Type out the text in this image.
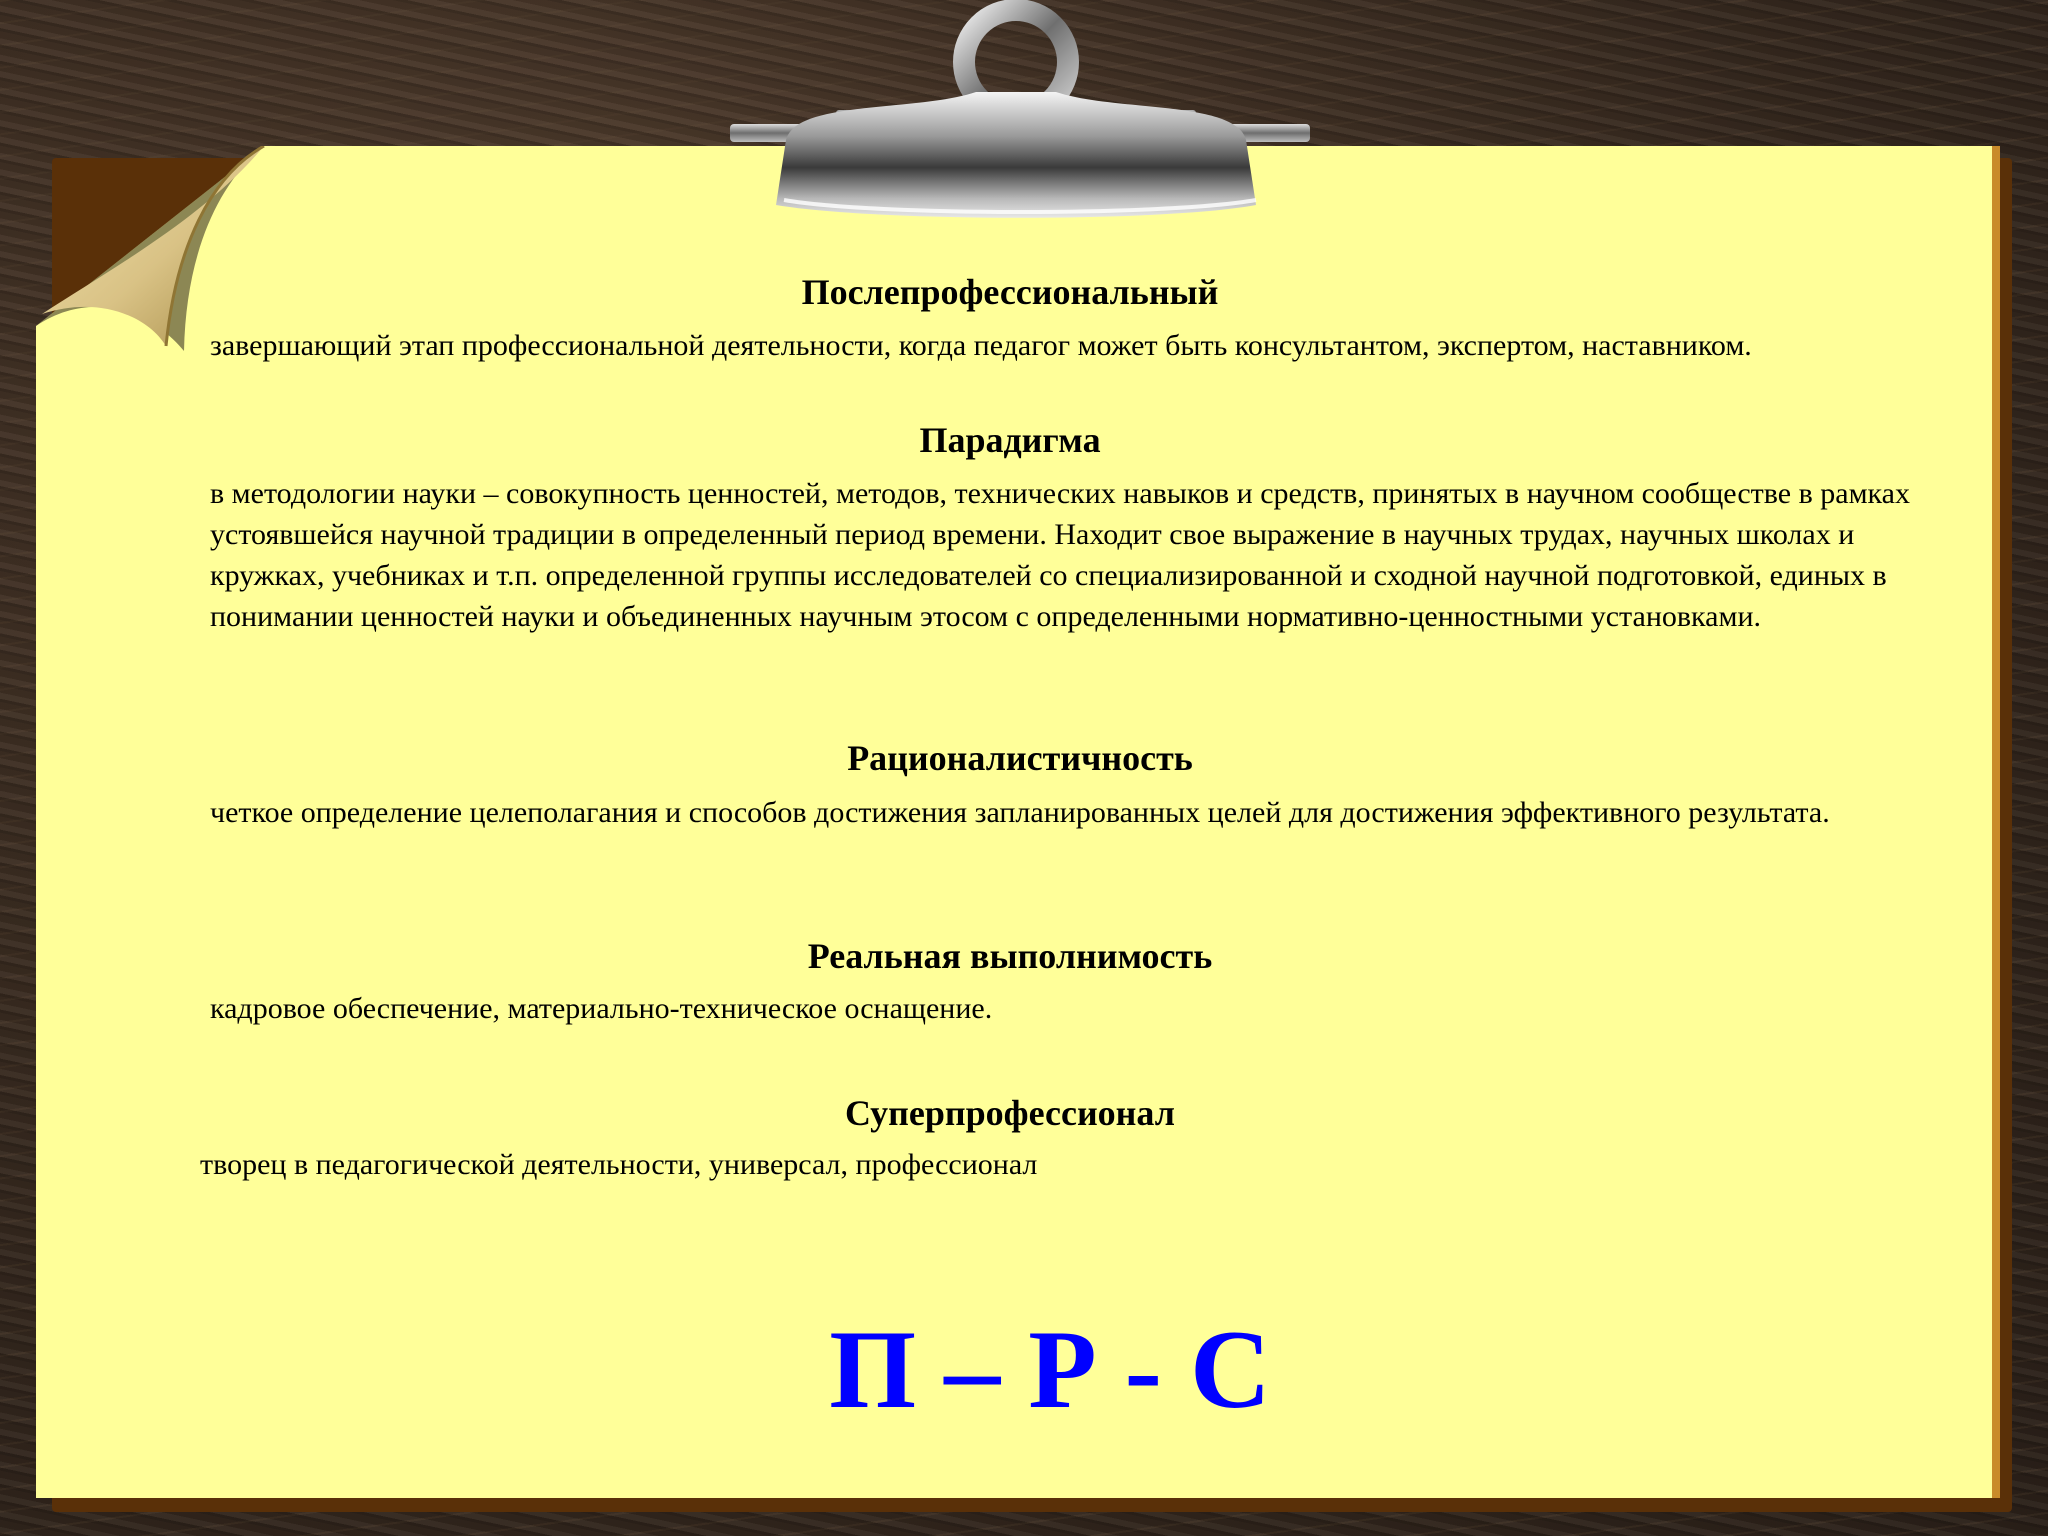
Послепрофессиональный

завершающий этап профессиональной деятельности, когда педагог может быть консультантом, экспертом, наставником.

Парадигма

в методологии науки – совокупность ценностей, методов, технических навыков и средств, принятых в научном сообществе в рамках устоявшейся научной традиции в определенный период времени. Находит свое выражение в научных трудах, научных школах и кружках, учебниках и т.п. определенной группы исследователей со специализированной и сходной научной подготовкой, единых в понимании ценностей науки и объединенных научным этосом с определенными нормативно-ценностными установками.

Рационалистичность

четкое определение целеполагания и способов достижения запланированных целей для достижения эффективного результата.

Реальная выполнимость

кадровое обеспечение, материально-техническое оснащение.

Суперпрофессионал

творец в педагогической деятельности, универсал, профессионал

П – Р - С
